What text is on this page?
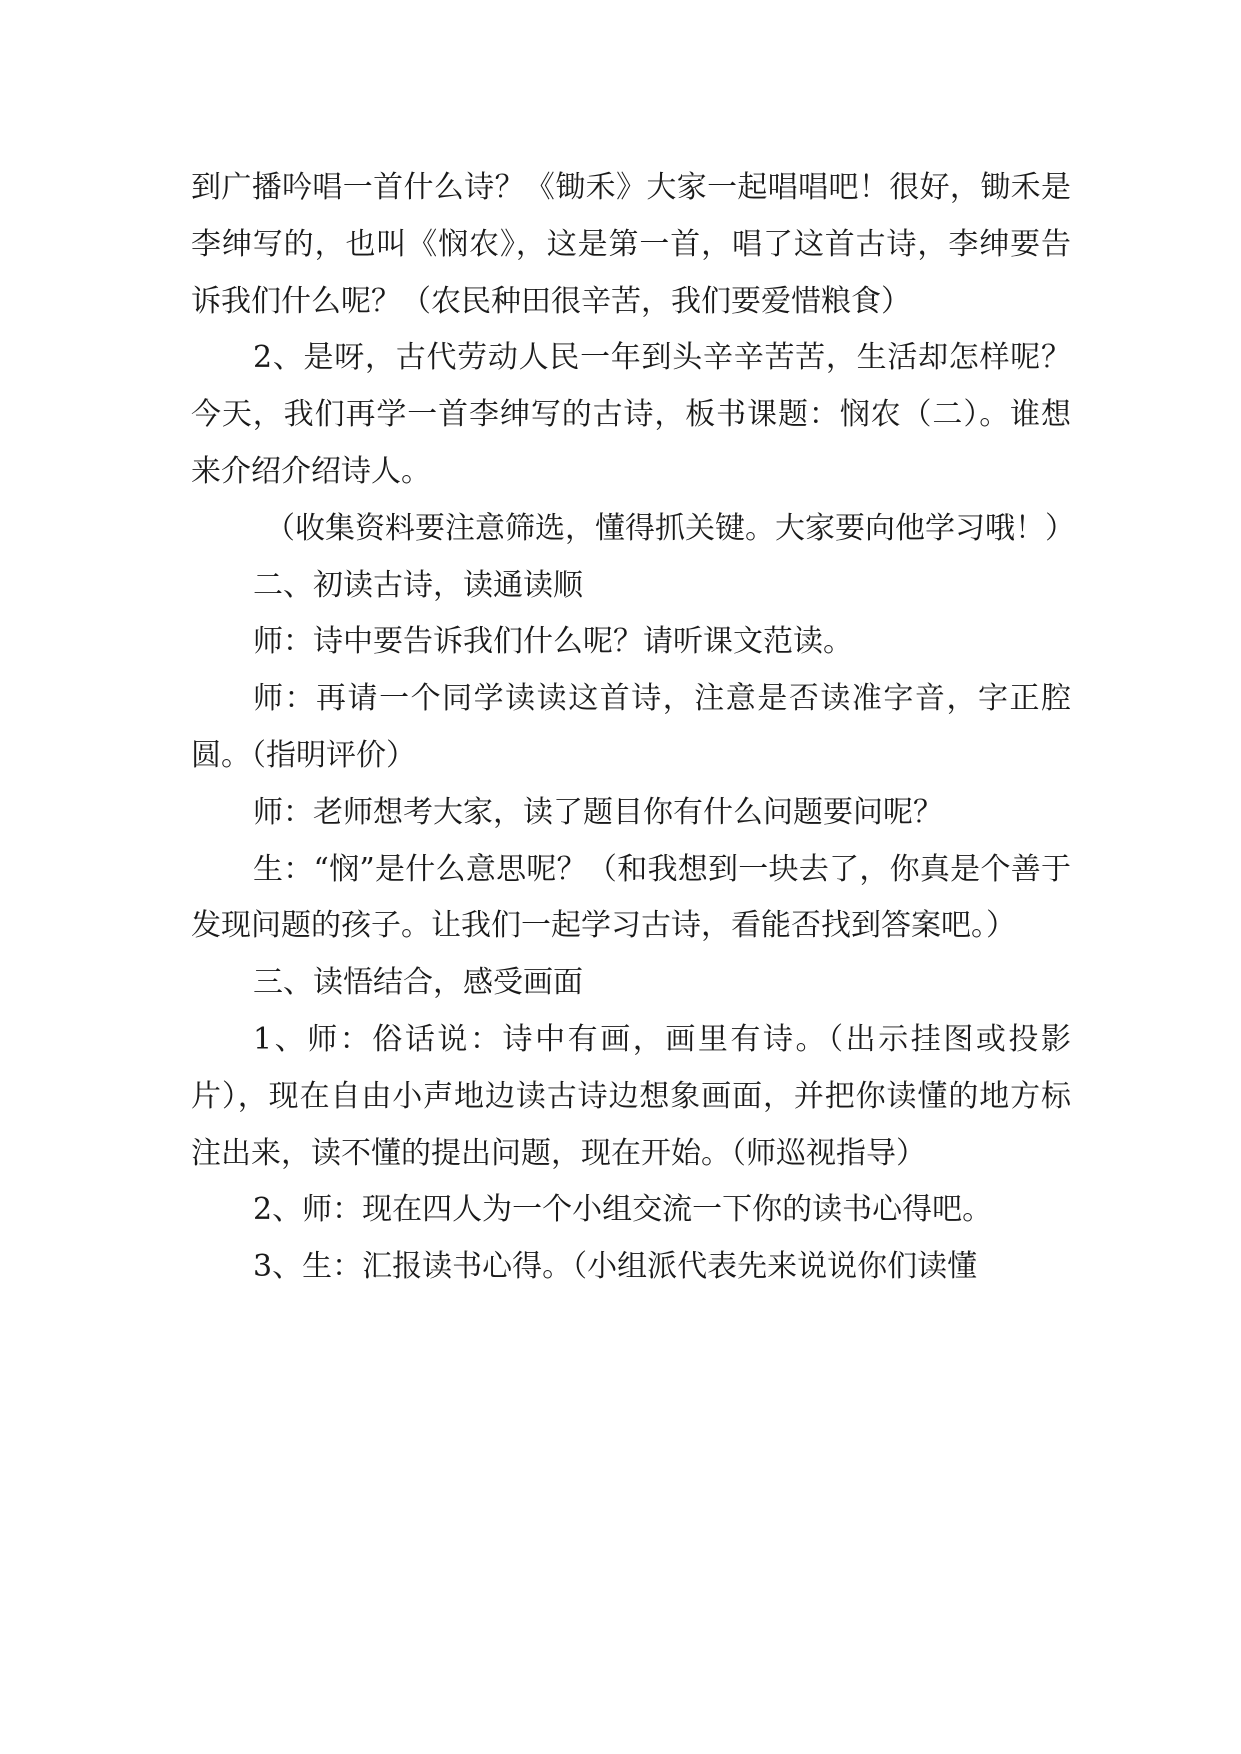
到广播吟唱一首什么诗？《锄禾》大家一起唱唱吧！很好，锄禾是李绅写的，也叫《悯农》，这是第一首，唱了这首古诗，李绅要告诉我们什么呢？（农民种田很辛苦，我们要爱惜粮食）

2、是呀，古代劳动人民一年到头辛辛苦苦，生活却怎样呢？今天，我们再学一首李绅写的古诗，板书课题：悯农（二）。谁想来介绍介绍诗人。

（收集资料要注意筛选，懂得抓关键。大家要向他学习哦！）

二、初读古诗，读通读顺

师：诗中要告诉我们什么呢？请听课文范读。

师：再请一个同学读读这首诗，注意是否读准字音，字正腔圆。（指明评价）

师：老师想考大家，读了题目你有什么问题要问呢？

生：“悯”是什么意思呢？（和我想到一块去了，你真是个善于发现问题的孩子。让我们一起学习古诗，看能否找到答案吧。）

三、读悟结合，感受画面

1、师：俗话说：诗中有画，画里有诗。（出示挂图或投影片），现在自由小声地边读古诗边想象画面，并把你读懂的地方标注出来，读不懂的提出问题，现在开始。（师巡视指导）

2、师：现在四人为一个小组交流一下你的读书心得吧。

3、生：汇报读书心得。（小组派代表先来说说你们读懂
